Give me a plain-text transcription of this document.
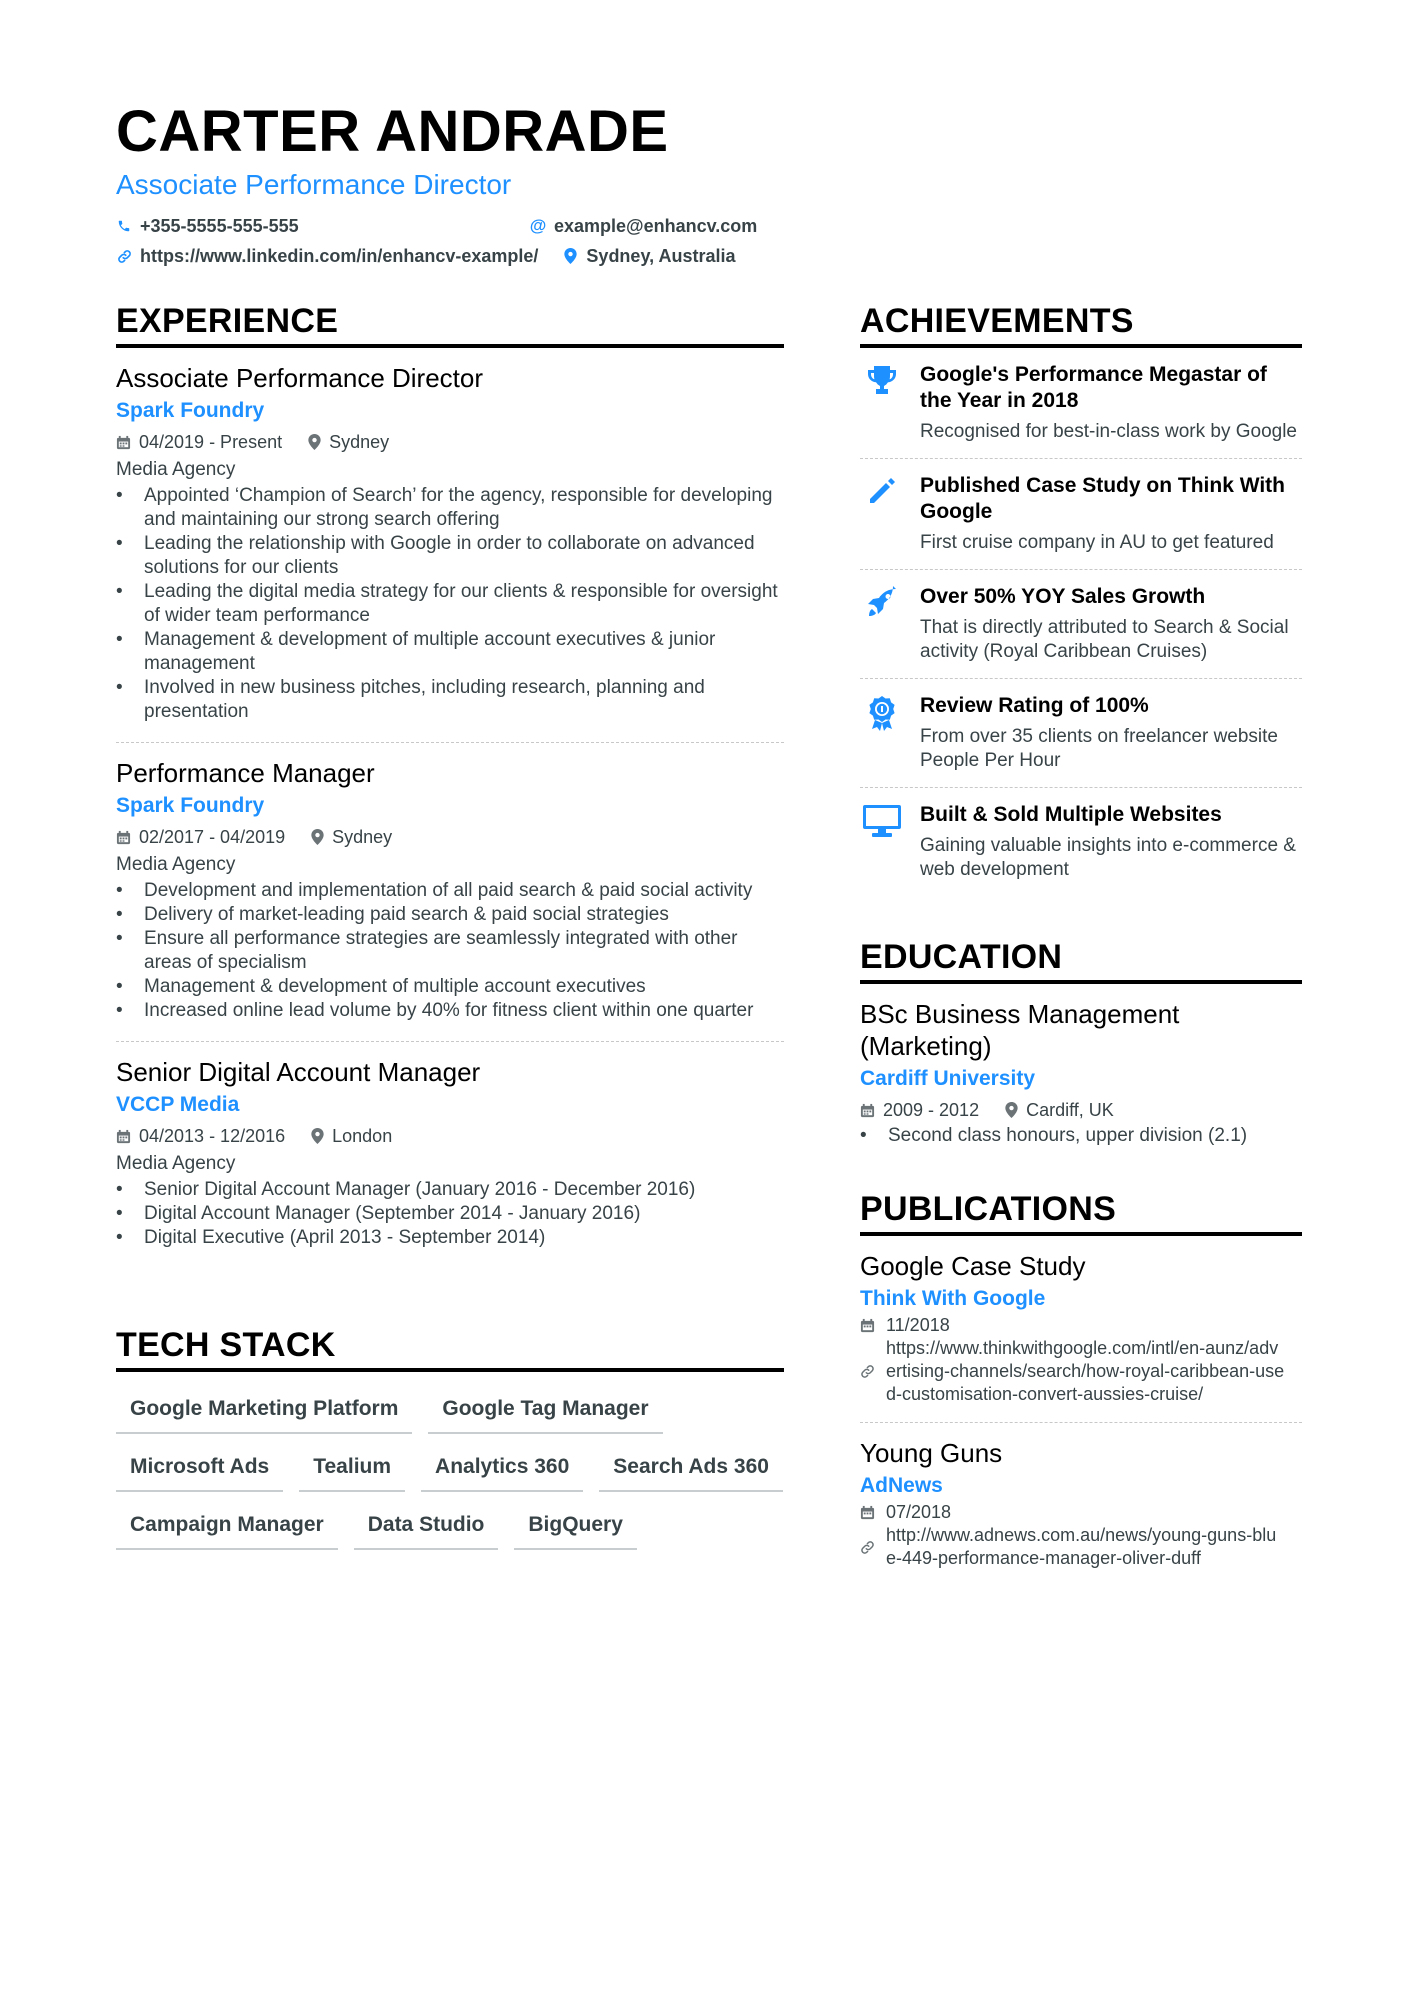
CARTER ANDRADE
Associate Performance Director
+355-5555-555-555	@ example@enhancv.com
https://www.linkedin.com/in/enhancv-example/	Sydney, Australia
EXPERIENCE
Associate Performance Director
Spark Foundry
04/2019 - Present	Sydney
Media Agency
• Appointed ‘Champion of Search’ for the agency, responsible for developing and maintaining our strong search offering
• Leading the relationship with Google in order to collaborate on advanced solutions for our clients
• Leading the digital media strategy for our clients & responsible for oversight of wider team performance
• Management & development of multiple account executives & junior management
• Involved in new business pitches, including research, planning and presentation
Performance Manager
Spark Foundry
02/2017 - 04/2019	Sydney
Media Agency
• Development and implementation of all paid search & paid social activity
• Delivery of market-leading paid search & paid social strategies
• Ensure all performance strategies are seamlessly integrated with other areas of specialism
• Management & development of multiple account executives
• Increased online lead volume by 40% for fitness client within one quarter
Senior Digital Account Manager
VCCP Media
04/2013 - 12/2016	London
Media Agency
• Senior Digital Account Manager (January 2016 - December 2016)
• Digital Account Manager (September 2014 - January 2016)
• Digital Executive (April 2013 - September 2014)
TECH STACK
Google Marketing Platform	Google Tag Manager
Microsoft Ads	Tealium	Analytics 360	Search Ads 360
Campaign Manager	Data Studio	BigQuery
ACHIEVEMENTS
Google's Performance Megastar of the Year in 2018
Recognised for best-in-class work by Google
Published Case Study on Think With Google
First cruise company in AU to get featured
Over 50% YOY Sales Growth
That is directly attributed to Search & Social activity (Royal Caribbean Cruises)
Review Rating of 100%
From over 35 clients on freelancer website People Per Hour
Built & Sold Multiple Websites
Gaining valuable insights into e-commerce & web development
EDUCATION
BSc Business Management (Marketing)
Cardiff University
2009 - 2012	Cardiff, UK
• Second class honours, upper division (2.1)
PUBLICATIONS
Google Case Study
Think With Google
11/2018
https://www.thinkwithgoogle.com/intl/en-aunz/advertising-channels/search/how-royal-caribbean-used-customisation-convert-aussies-cruise/
Young Guns
AdNews
07/2018
http://www.adnews.com.au/news/young-guns-blue-449-performance-manager-oliver-duff
